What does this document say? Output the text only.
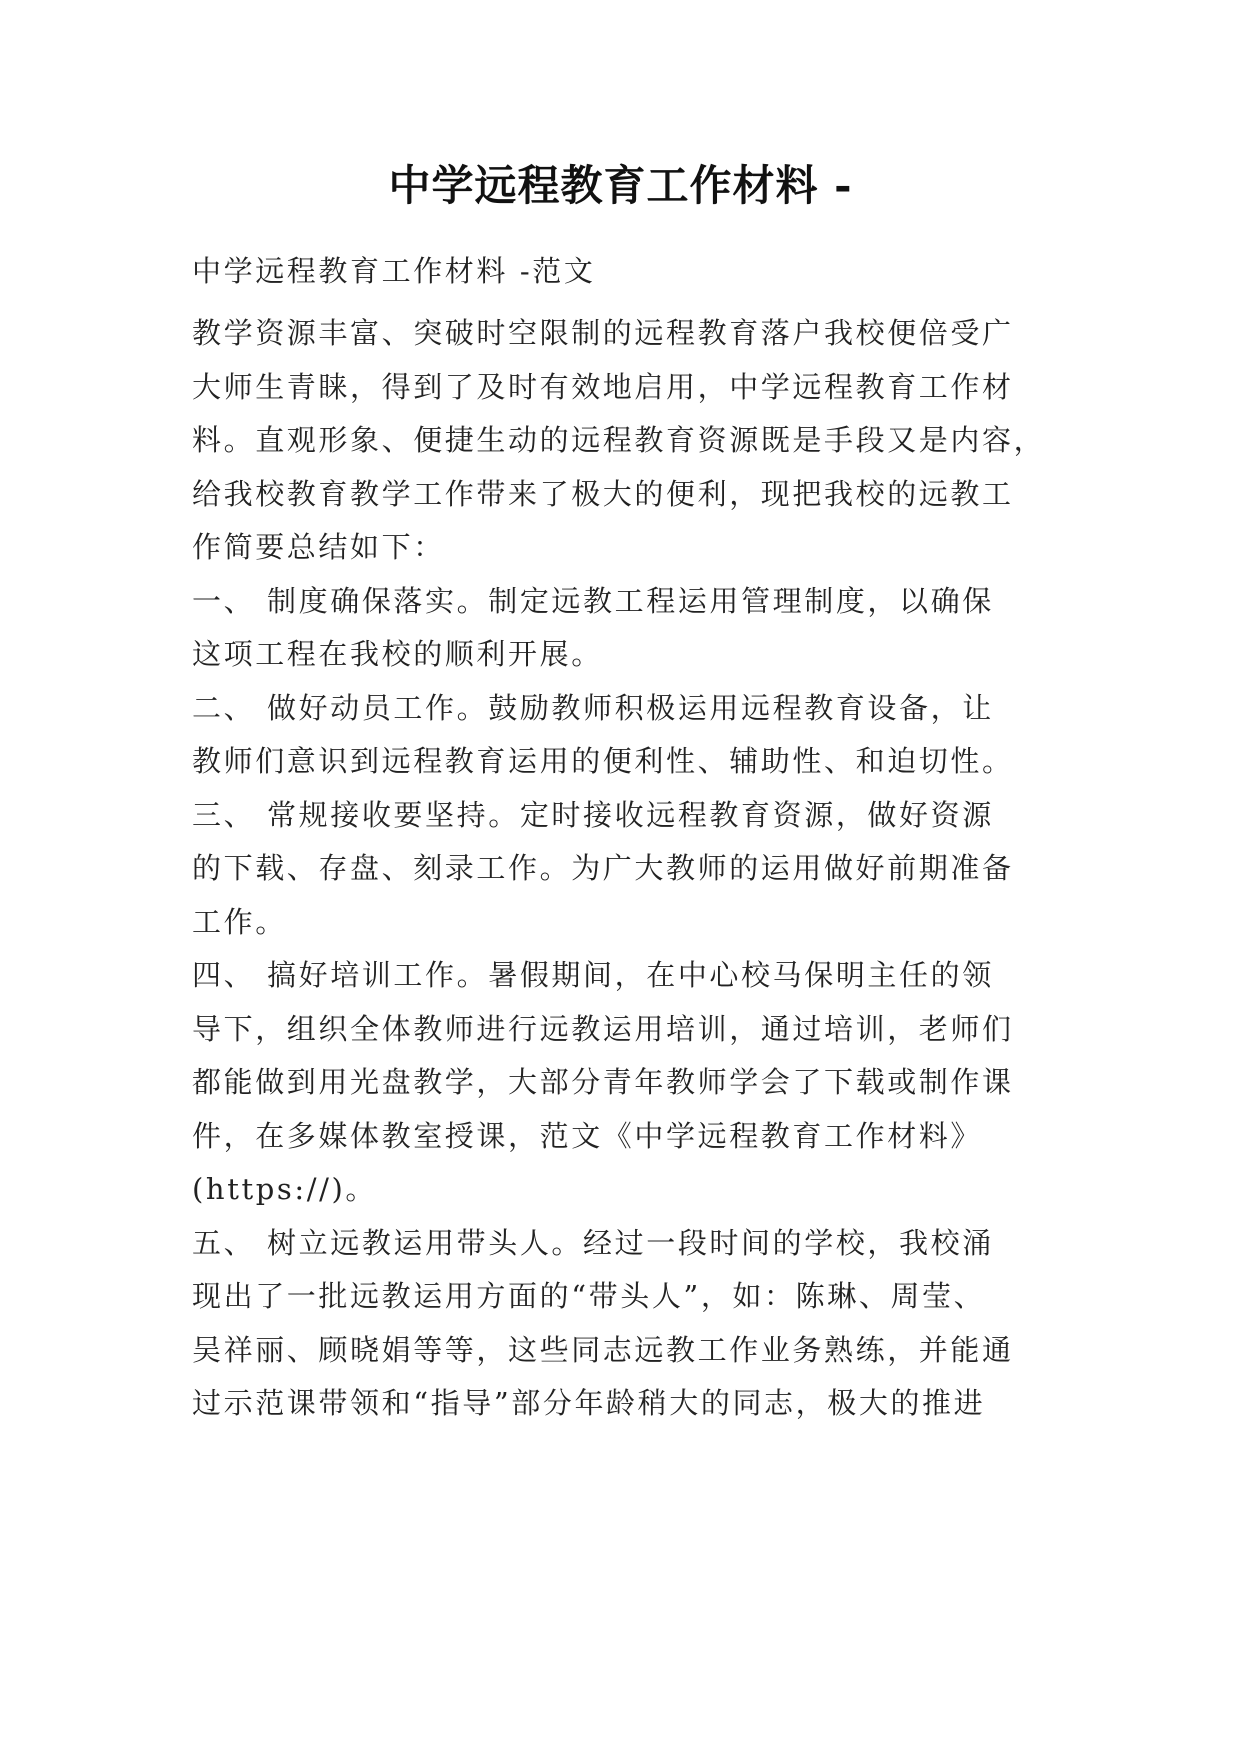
中学远程教育工作材料 -
中学远程教育工作材料 -范文
教学资源丰富、突破时空限制的远程教育落户我校便倍受广
大师生青睐，得到了及时有效地启用，中学远程教育工作材
料。直观形象、便捷生动的远程教育资源既是手段又是内容，
给我校教育教学工作带来了极大的便利，现把我校的远教工
作简要总结如下：
一、 制度确保落实。制定远教工程运用管理制度，以确保
这项工程在我校的顺利开展。
二、 做好动员工作。鼓励教师积极运用远程教育设备，让
教师们意识到远程教育运用的便利性、辅助性、和迫切性。
三、 常规接收要坚持。定时接收远程教育资源，做好资源
的下载、存盘、刻录工作。为广大教师的运用做好前期准备
工作。
四、 搞好培训工作。暑假期间，在中心校马保明主任的领
导下，组织全体教师进行远教运用培训，通过培训，老师们
都能做到用光盘教学，大部分青年教师学会了下载或制作课
件，在多媒体教室授课，范文《中学远程教育工作材料》
(https://)。
五、 树立远教运用带头人。经过一段时间的学校，我校涌
现出了一批远教运用方面的“带头人”，如：陈琳、周莹、
吴祥丽、顾晓娟等等，这些同志远教工作业务熟练，并能通
过示范课带领和“指导”部分年龄稍大的同志，极大的推进
